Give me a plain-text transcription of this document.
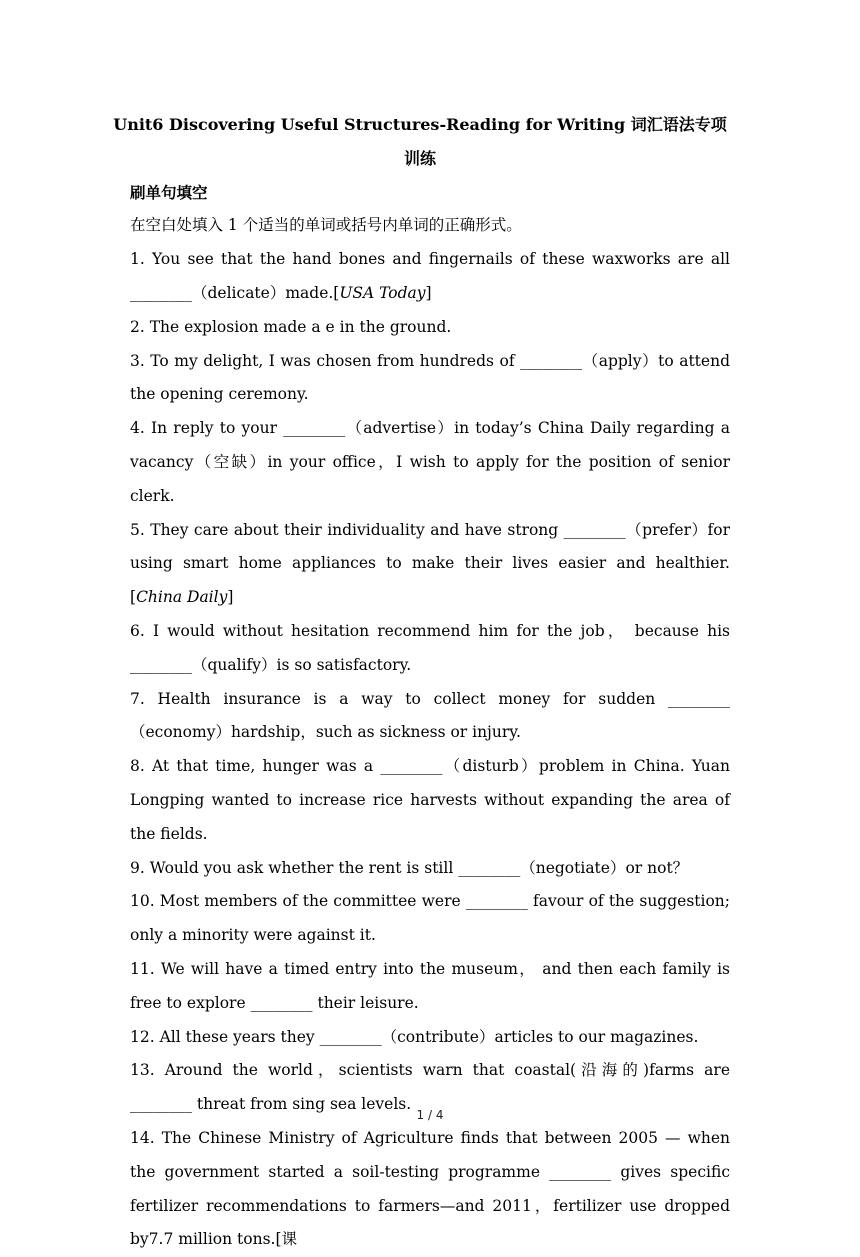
Unit6 Discovering Useful Structures-Reading for Writing 词汇语法专项训练
刷单句填空
在空白处填入 1 个适当的单词或括号内单词的正确形式。
1. You see that the hand bones and fingernails of these waxworks are all ________（delicate）made.[USA Today]
2. The explosion made a e in the ground.
3. To my delight, I was chosen from hundreds of ________（apply）to attend the opening ceremony.
4. In reply to your ________（advertise）in today’s China Daily regarding a vacancy（空缺）in your office，I wish to apply for the position of senior clerk.
5. They care about their individuality and have strong ________（prefer）for using smart home appliances to make their lives easier and healthier. [China Daily]
6. I would without hesitation recommend him for the job， because his ________（qualify）is so satisfactory.
7. Health insurance is a way to collect money for sudden ________（economy）hardship，such as sickness or injury.
8. At that time, hunger was a ________（disturb）problem in China. Yuan Longping wanted to increase rice harvests without expanding the area of the fields.
9. Would you ask whether the rent is still ________（negotiate）or not？
10. Most members of the committee were ________ favour of the suggestion; only a minority were against it.
11. We will have a timed entry into the museum， and then each family is free to explore ________ their leisure.
12. All these years they ________（contribute）articles to our magazines.
13. Around the world，scientists warn that coastal(沿海的)farms are ________ threat from sing sea levels.
14. The Chinese Ministry of Agriculture finds that between 2005 — when the government started a soil-testing programme ________ gives specific fertilizer recommendations to farmers—and 2011，fertilizer use dropped by7.7 million tons.[课
1 / 4
